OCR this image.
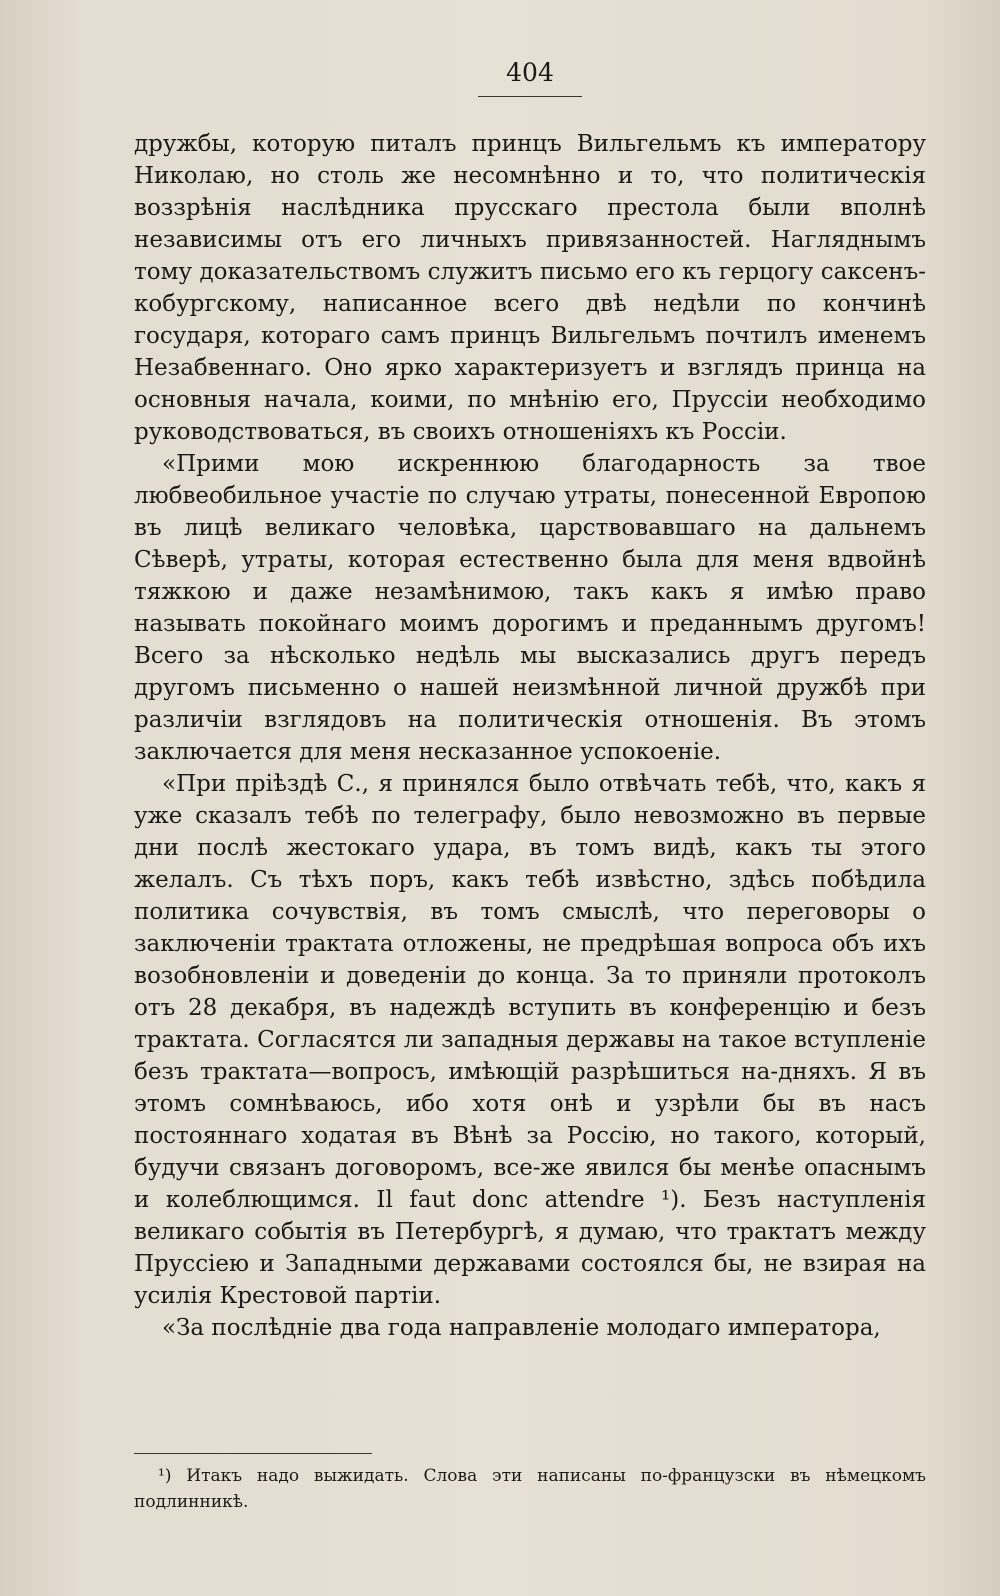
404

дружбы, которую питалъ принцъ Вильгельмъ къ императору Николаю, но столь же несомнѣнно и то, что политическія воззрѣнія наслѣдника прусскаго престола были вполнѣ независимы отъ его личныхъ привязанностей. Нагляднымъ тому доказательствомъ служитъ письмо его къ герцогу саксенъ-кобургскому, написанное всего двѣ недѣли по кончинѣ государя, котораго самъ принцъ Вильгельмъ почтилъ именемъ Незабвеннаго. Оно ярко характеризуетъ и взглядъ принца на основныя начала, коими, по мнѣнію его, Пруссіи необходимо руководствоваться, въ своихъ отношеніяхъ къ Россіи.

«Прими мою искреннюю благодарность за твое любвеобильное участіе по случаю утраты, понесенной Европою въ лицѣ великаго человѣка, царствовавшаго на дальнемъ Сѣверѣ, утраты, которая естественно была для меня вдвойнѣ тяжкою и даже незамѣнимою, такъ какъ я имѣю право называть покойнаго моимъ дорогимъ и преданнымъ другомъ! Всего за нѣсколько недѣль мы высказались другъ передъ другомъ письменно о нашей неизмѣнной личной дружбѣ при различіи взглядовъ на политическія отношенія. Въ этомъ заключается для меня несказанное успокоеніе.

«При пріѣздѣ С., я принялся было отвѣчать тебѣ, что, какъ я уже сказалъ тебѣ по телеграфу, было невозможно въ первые дни послѣ жестокаго удара, въ томъ видѣ, какъ ты этого желалъ. Съ тѣхъ поръ, какъ тебѣ извѣстно, здѣсь побѣдила политика сочувствія, въ томъ смыслѣ, что переговоры о заключеніи трактата отложены, не предрѣшая вопроса объ ихъ возобновленіи и доведеніи до конца. За то приняли протоколъ отъ 28 декабря, въ надеждѣ вступить въ конференцію и безъ трактата. Согласятся ли западныя державы на такое вступленіе безъ трактата—вопросъ, имѣющій разрѣшиться на-дняхъ. Я въ этомъ сомнѣваюсь, ибо хотя онѣ и узрѣли бы въ насъ постояннаго ходатая въ Вѣнѣ за Россію, но такого, который, будучи связанъ договоромъ, все-же явился бы менѣе опаснымъ и колеблющимся. Il faut donc attendre ¹). Безъ наступленія великаго событія въ Петербургѣ, я думаю, что трактатъ между Пруссіею и Западными державами состоялся бы, не взирая на усилія Крестовой партіи.

«За послѣдніе два года направленіе молодаго императора,

¹) Итакъ надо выжидать. Слова эти написаны по-французски въ нѣмецкомъ подлинникѣ.
